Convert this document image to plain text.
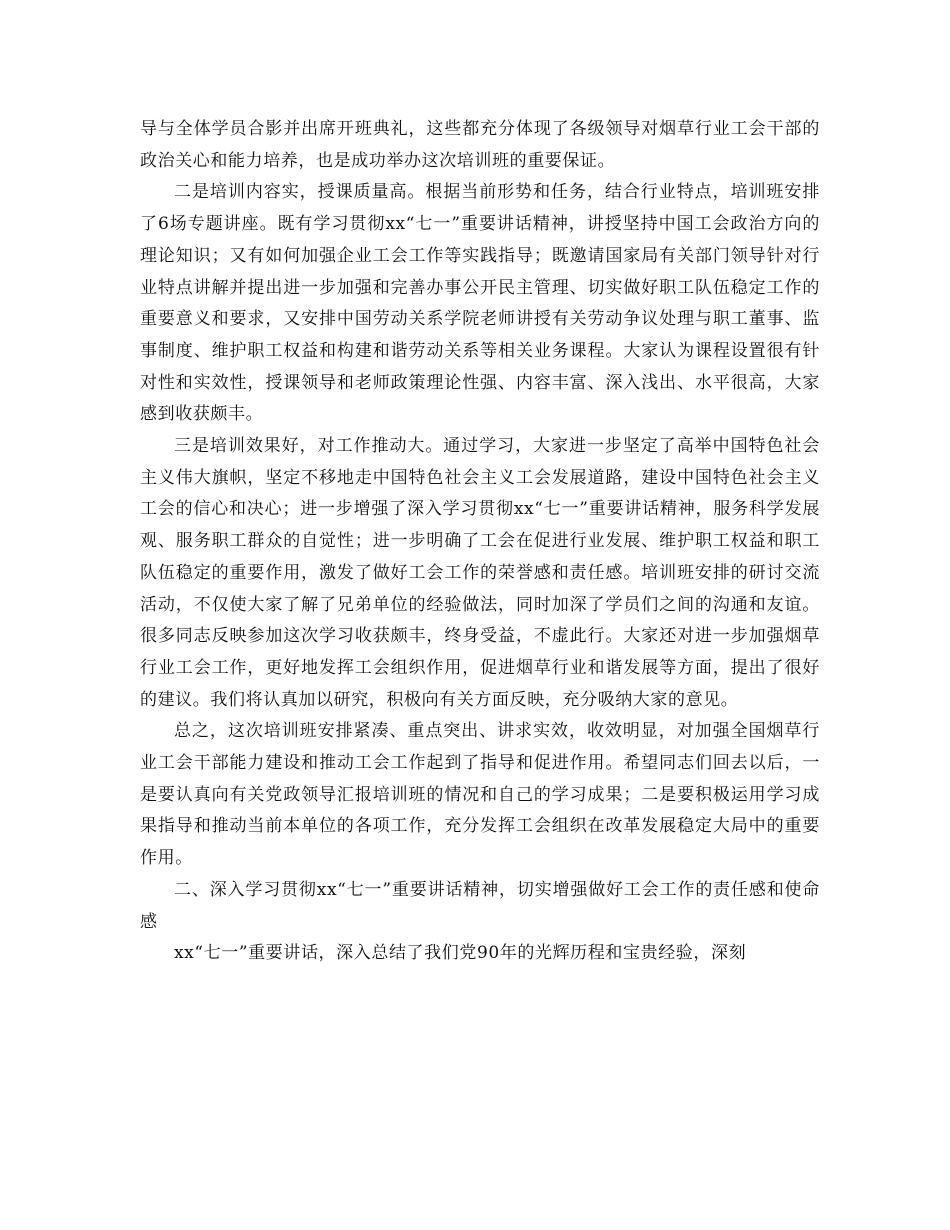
导与全体学员合影并出席开班典礼，这些都充分体现了各级领导对烟草行业工会干部的政治关心和能力培养，也是成功举办这次培训班的重要保证。

二是培训内容实，授课质量高。根据当前形势和任务，结合行业特点，培训班安排了6场专题讲座。既有学习贯彻xx“七一”重要讲话精神，讲授坚持中国工会政治方向的理论知识；又有如何加强企业工会工作等实践指导；既邀请国家局有关部门领导针对行业特点讲解并提出进一步加强和完善办事公开民主管理、切实做好职工队伍稳定工作的重要意义和要求，又安排中国劳动关系学院老师讲授有关劳动争议处理与职工董事、监事制度、维护职工权益和构建和谐劳动关系等相关业务课程。大家认为课程设置很有针对性和实效性，授课领导和老师政策理论性强、内容丰富、深入浅出、水平很高，大家感到收获颇丰。

三是培训效果好，对工作推动大。通过学习，大家进一步坚定了高举中国特色社会主义伟大旗帜，坚定不移地走中国特色社会主义工会发展道路，建设中国特色社会主义工会的信心和决心；进一步增强了深入学习贯彻xx“七一”重要讲话精神，服务科学发展观、服务职工群众的自觉性；进一步明确了工会在促进行业发展、维护职工权益和职工队伍稳定的重要作用，激发了做好工会工作的荣誉感和责任感。培训班安排的研讨交流活动，不仅使大家了解了兄弟单位的经验做法，同时加深了学员们之间的沟通和友谊。很多同志反映参加这次学习收获颇丰，终身受益，不虚此行。大家还对进一步加强烟草行业工会工作，更好地发挥工会组织作用，促进烟草行业和谐发展等方面，提出了很好的建议。我们将认真加以研究，积极向有关方面反映，充分吸纳大家的意见。

总之，这次培训班安排紧凑、重点突出、讲求实效，收效明显，对加强全国烟草行业工会干部能力建设和推动工会工作起到了指导和促进作用。希望同志们回去以后，一是要认真向有关党政领导汇报培训班的情况和自己的学习成果；二是要积极运用学习成果指导和推动当前本单位的各项工作，充分发挥工会组织在改革发展稳定大局中的重要作用。

二、深入学习贯彻xx“七一”重要讲话精神，切实增强做好工会工作的责任感和使命感

xx“七一”重要讲话，深入总结了我们党90年的光辉历程和宝贵经验，深刻
